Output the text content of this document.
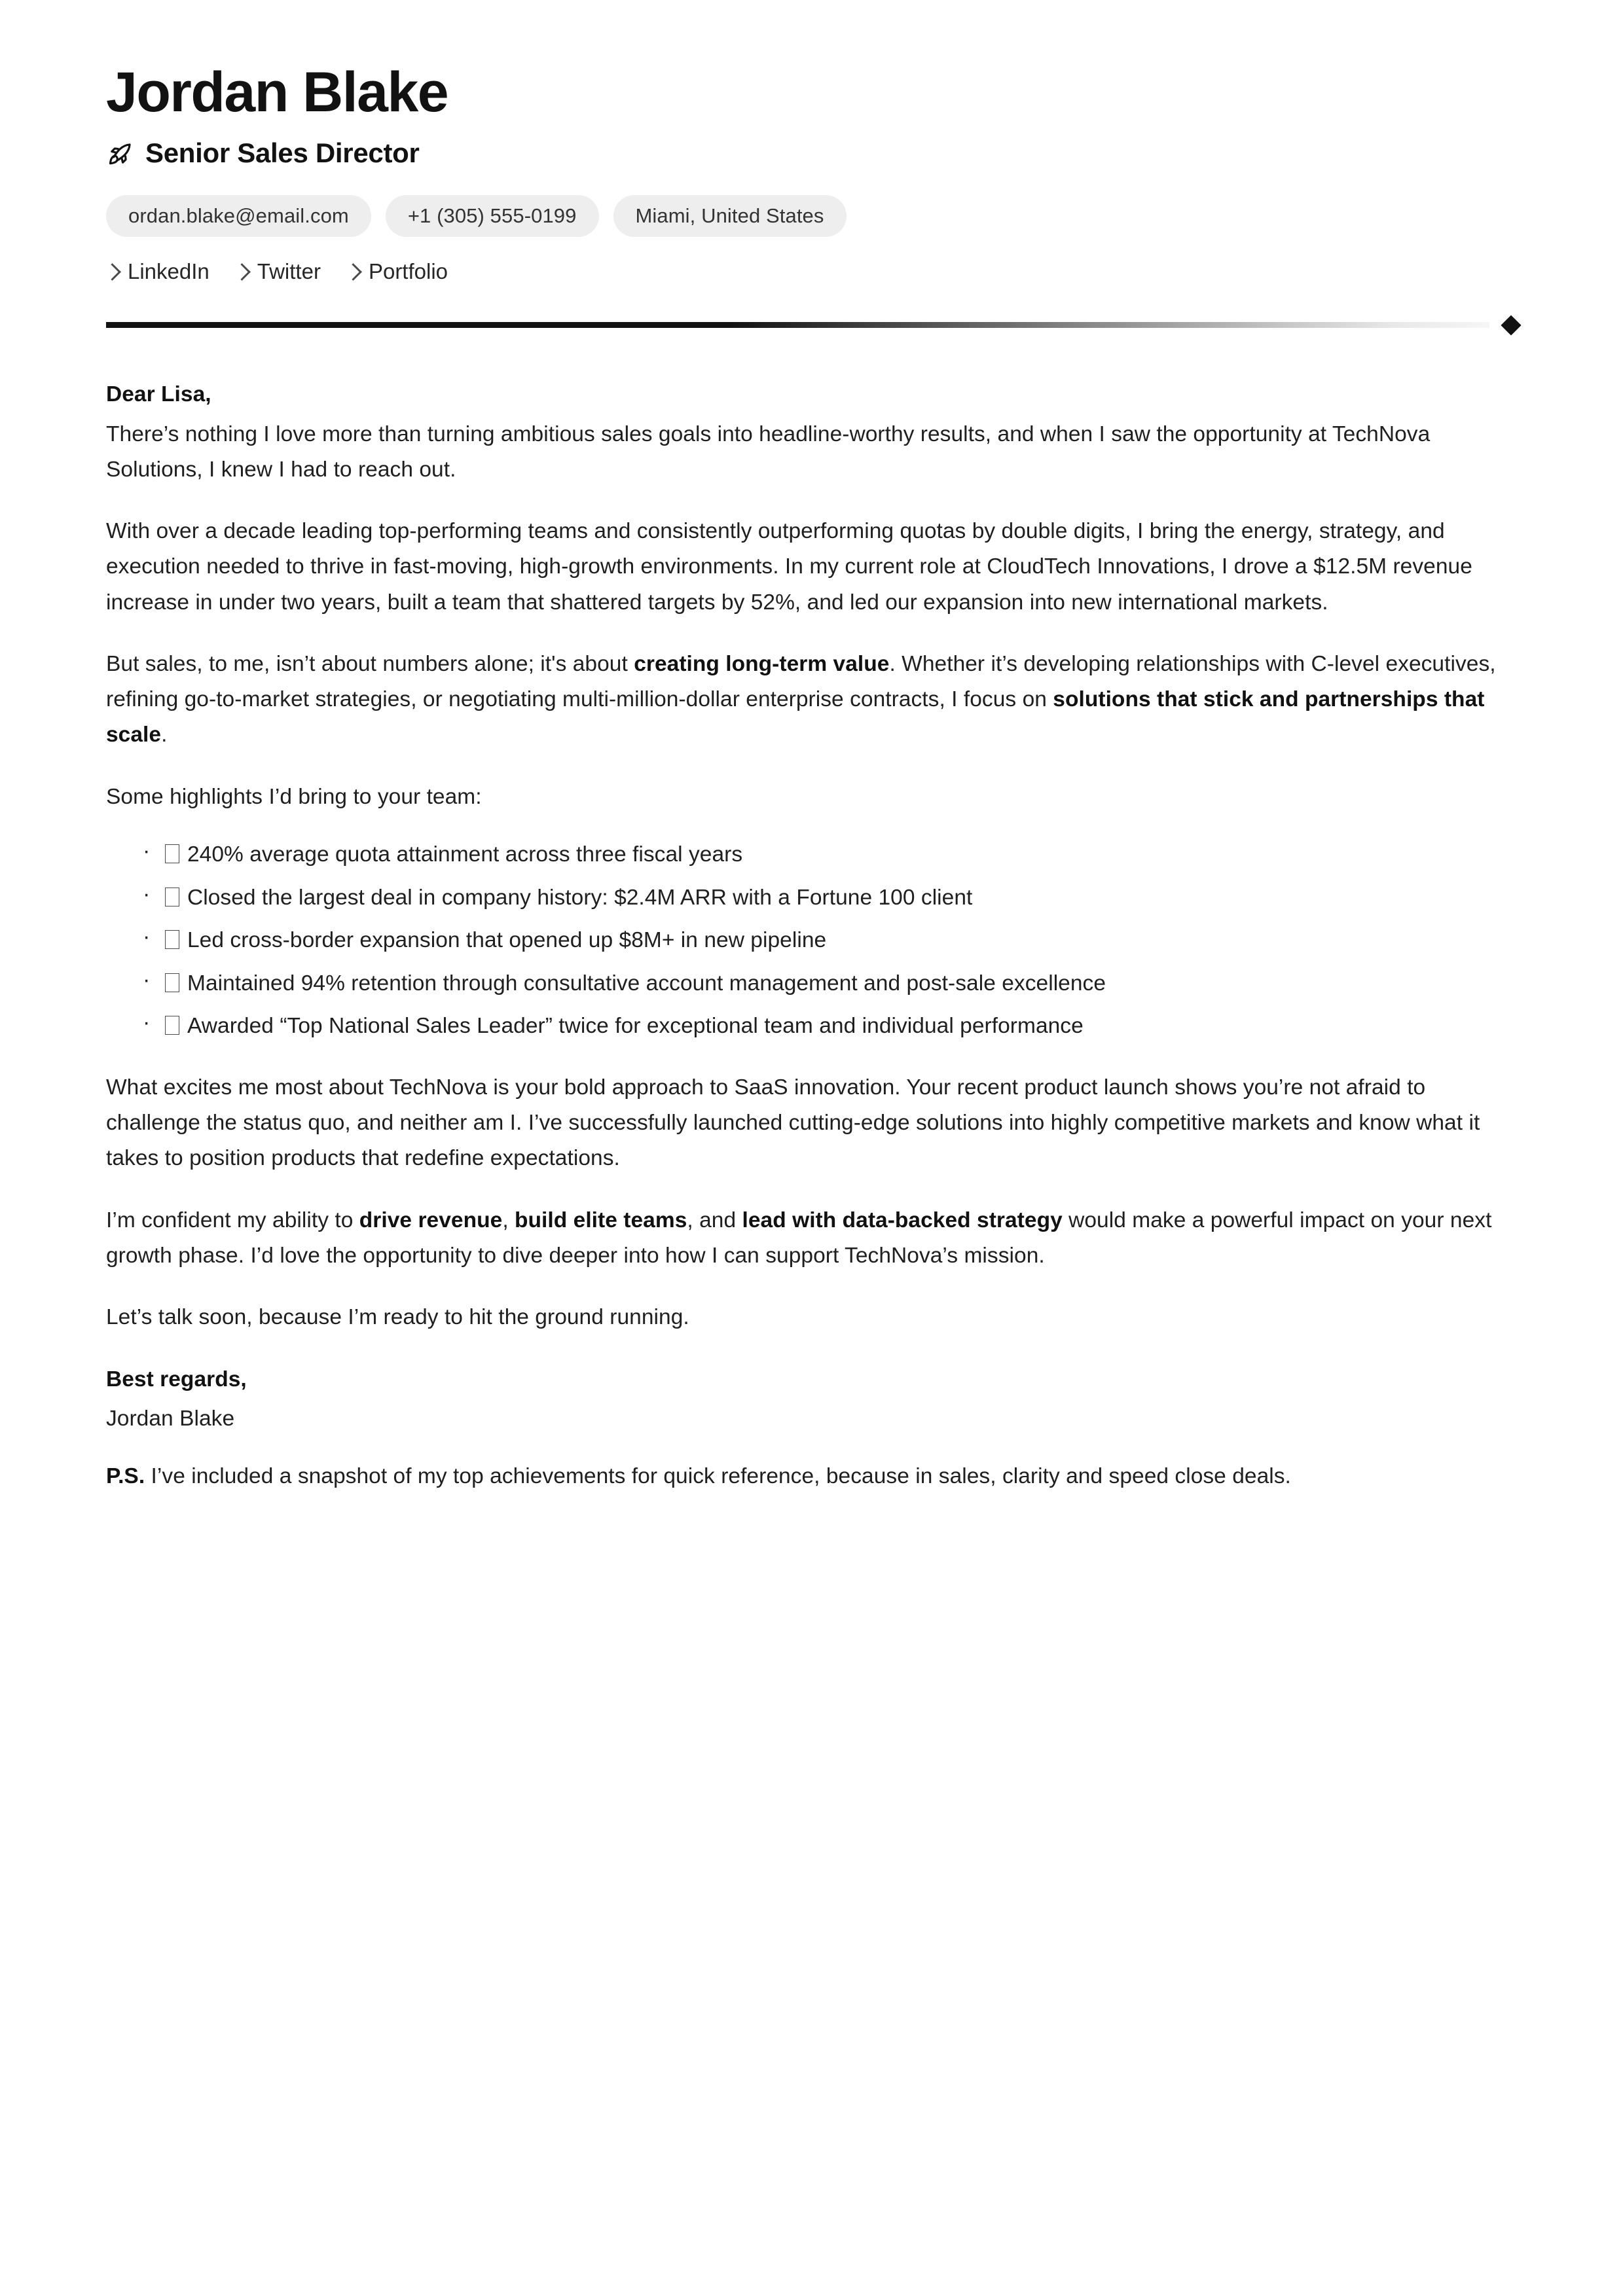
Jordan Blake
Senior Sales Director
ordan.blake@email.com	+1 (305) 555-0199	Miami, United States
LinkedIn Twitter Portfolio

Dear Lisa,

There’s nothing I love more than turning ambitious sales goals into headline-worthy results, and when I saw the opportunity at TechNova Solutions, I knew I had to reach out.

With over a decade leading top-performing teams and consistently outperforming quotas by double digits, I bring the energy, strategy, and execution needed to thrive in fast-moving, high-growth environments. In my current role at CloudTech Innovations, I drove a $12.5M revenue increase in under two years, built a team that shattered targets by 52%, and led our expansion into new international markets.

But sales, to me, isn’t about numbers alone; it's about creating long-term value. Whether it’s developing relationships with C-level executives, refining go-to-market strategies, or negotiating multi-million-dollar enterprise contracts, I focus on solutions that stick and partnerships that scale.

Some highlights I’d bring to your team:

· 240% average quota attainment across three fiscal years
· Closed the largest deal in company history: $2.4M ARR with a Fortune 100 client
· Led cross-border expansion that opened up $8M+ in new pipeline
· Maintained 94% retention through consultative account management and post-sale excellence
· Awarded “Top National Sales Leader” twice for exceptional team and individual performance

What excites me most about TechNova is your bold approach to SaaS innovation. Your recent product launch shows you’re not afraid to challenge the status quo, and neither am I. I’ve successfully launched cutting-edge solutions into highly competitive markets and know what it takes to position products that redefine expectations.

I’m confident my ability to drive revenue, build elite teams, and lead with data-backed strategy would make a powerful impact on your next growth phase. I’d love the opportunity to dive deeper into how I can support TechNova’s mission.

Let’s talk soon, because I’m ready to hit the ground running.

Best regards,

Jordan Blake

P.S. I’ve included a snapshot of my top achievements for quick reference, because in sales, clarity and speed close deals.
